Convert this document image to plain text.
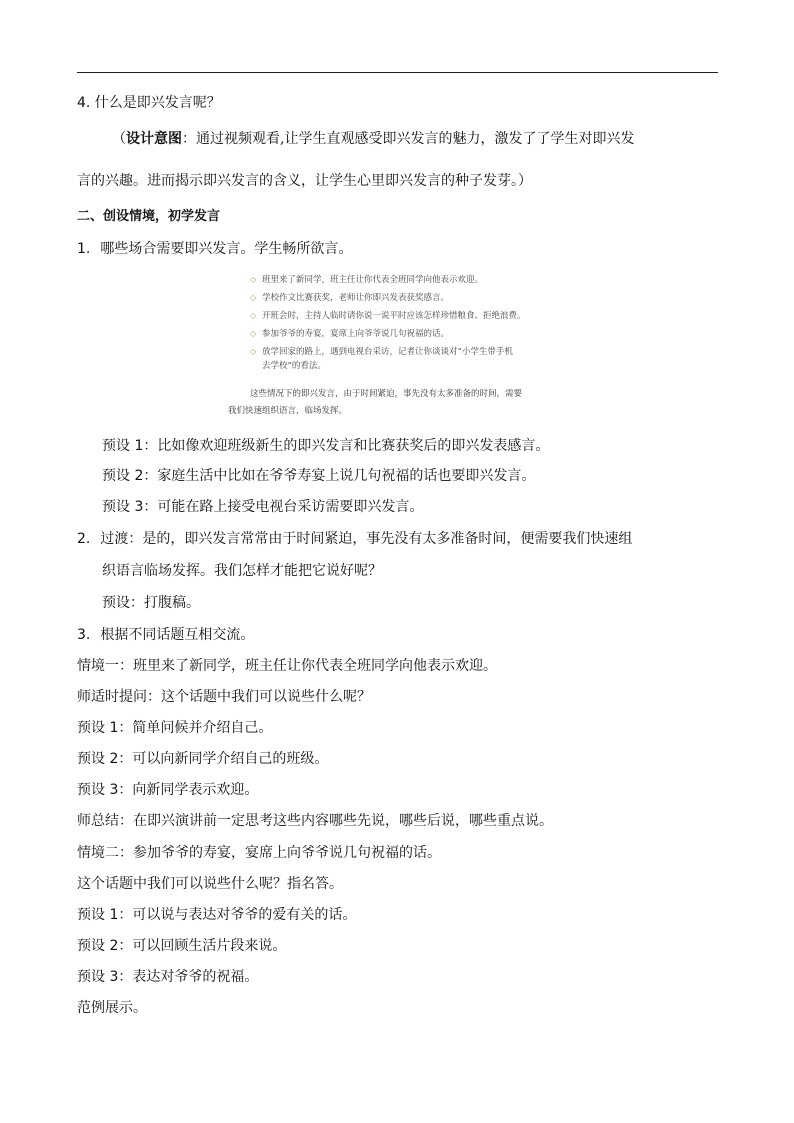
4. 什么是即兴发言呢？
（设计意图：通过视频观看,让学生直观感受即兴发言的魅力，激发了了学生对即兴发
言的兴趣。进而揭示即兴发言的含义，让学生心里即兴发言的种子发芽。）
二、创设情境，初学发言
1. 哪些场合需要即兴发言。学生畅所欲言。
◇ 班里来了新同学，班主任让你代表全班同学向他表示欢迎。
◇ 学校作文比赛获奖，老师让你即兴发表获奖感言。
◇ 开班会时，主持人临时请你说一说平时应该怎样珍惜粮食、拒绝浪费。
◇ 参加爷爷的寿宴，宴席上向爷爷说几句祝福的话。
◇ 放学回家的路上，遇到电视台采访，记者让你谈谈对“小学生带手机
去学校”的看法。
这些情况下的即兴发言，由于时间紧迫，事先没有太多准备的时间，需要
我们快速组织语言，临场发挥。
预设 1：比如像欢迎班级新生的即兴发言和比赛获奖后的即兴发表感言。
预设 2：家庭生活中比如在爷爷寿宴上说几句祝福的话也要即兴发言。
预设 3：可能在路上接受电视台采访需要即兴发言。
2. 过渡：是的，即兴发言常常由于时间紧迫，事先没有太多准备时间，便需要我们快速组
织语言临场发挥。我们怎样才能把它说好呢？
预设：打腹稿。
3. 根据不同话题互相交流。
情境一：班里来了新同学，班主任让你代表全班同学向他表示欢迎。
师适时提问：这个话题中我们可以说些什么呢？
预设 1：简单问候并介绍自己。
预设 2：可以向新同学介绍自己的班级。
预设 3：向新同学表示欢迎。
师总结：在即兴演讲前一定思考这些内容哪些先说，哪些后说，哪些重点说。
情境二：参加爷爷的寿宴，宴席上向爷爷说几句祝福的话。
这个话题中我们可以说些什么呢？指名答。
预设 1：可以说与表达对爷爷的爱有关的话。
预设 2：可以回顾生活片段来说。
预设 3：表达对爷爷的祝福。
范例展示。
